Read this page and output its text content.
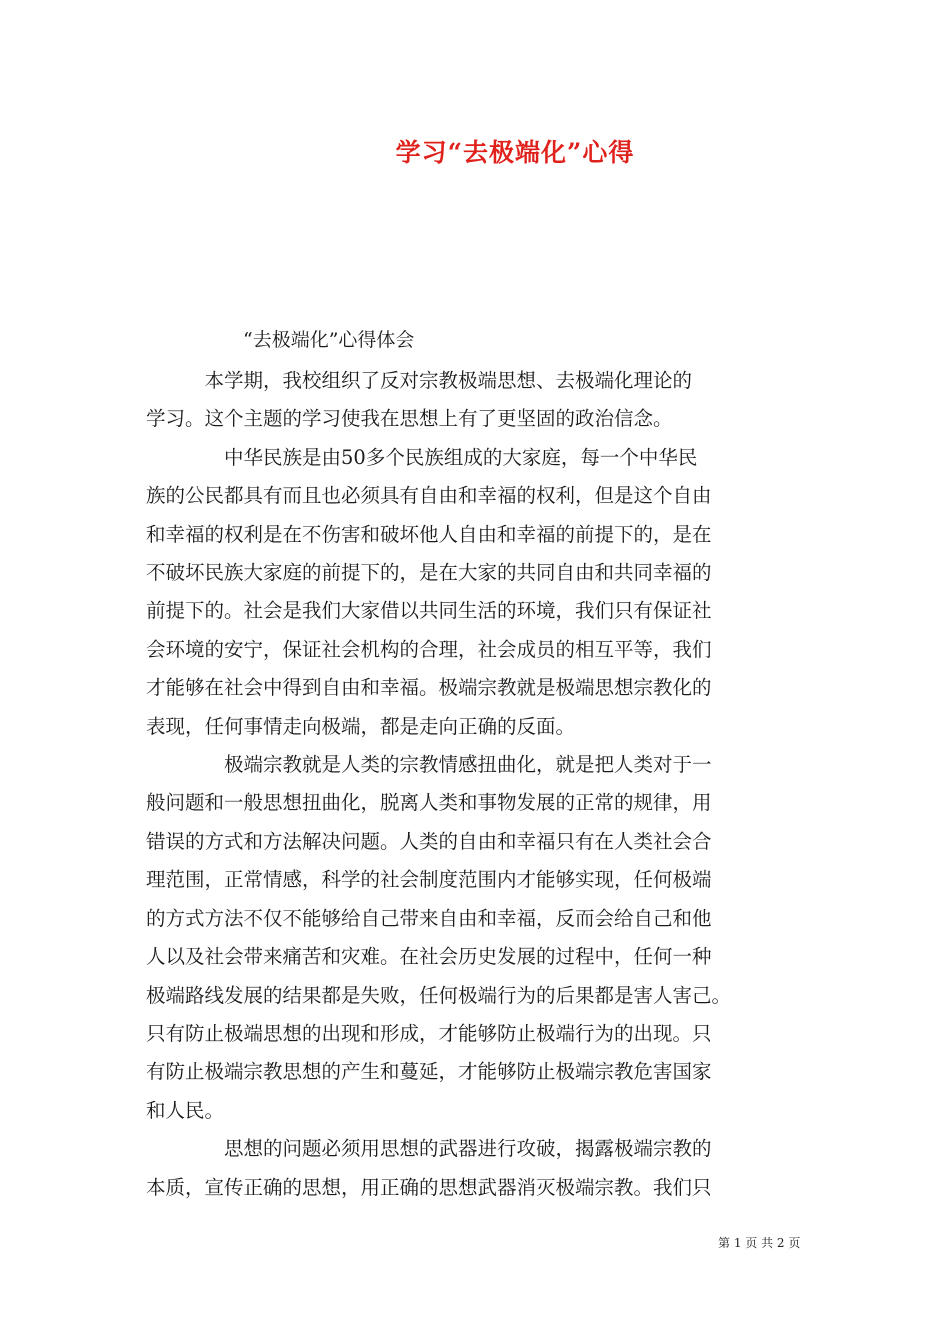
学习“去极端化”心得
“去极端化”心得体会

　　　本学期，我校组织了反对宗教极端思想、去极端化理论的

学习。这个主题的学习使我在思想上有了更坚固的政治信念。

　　　　中华民族是由50多个民族组成的大家庭，每一个中华民

族的公民都具有而且也必须具有自由和幸福的权利，但是这个自由

和幸福的权利是在不伤害和破坏他人自由和幸福的前提下的，是在

不破坏民族大家庭的前提下的，是在大家的共同自由和共同幸福的

前提下的。社会是我们大家借以共同生活的环境，我们只有保证社

会环境的安宁，保证社会机构的合理，社会成员的相互平等，我们

才能够在社会中得到自由和幸福。极端宗教就是极端思想宗教化的

表现，任何事情走向极端，都是走向正确的反面。

　　　　极端宗教就是人类的宗教情感扭曲化，就是把人类对于一

般问题和一般思想扭曲化，脱离人类和事物发展的正常的规律，用

错误的方式和方法解决问题。人类的自由和幸福只有在人类社会合

理范围，正常情感，科学的社会制度范围内才能够实现，任何极端

的方式方法不仅不能够给自己带来自由和幸福，反而会给自己和他

人以及社会带来痛苦和灾难。在社会历史发展的过程中，任何一种

极端路线发展的结果都是失败，任何极端行为的后果都是害人害己。

只有防止极端思想的出现和形成，才能够防止极端行为的出现。只

有防止极端宗教思想的产生和蔓延，才能够防止极端宗教危害国家

和人民。

　　　　思想的问题必须用思想的武器进行攻破，揭露极端宗教的

本质，宣传正确的思想，用正确的思想武器消灭极端宗教。我们只

第 1 页 共 2 页
